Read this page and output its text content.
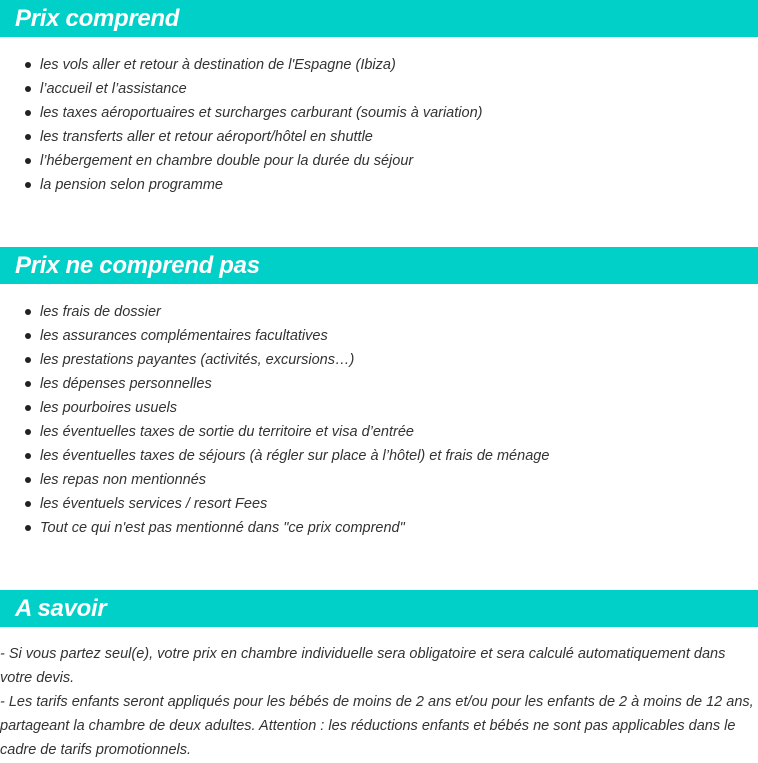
Prix comprend
les vols aller et retour à destination de l'Espagne (Ibiza)
l’accueil et l’assistance
les taxes aéroportuaires et surcharges carburant (soumis à variation)
les transferts aller et retour aéroport/hôtel en shuttle
l’hébergement en chambre double pour la durée du séjour
la pension selon programme
Prix ne comprend pas
les frais de dossier
les assurances complémentaires facultatives
les prestations payantes (activités, excursions…)
les dépenses personnelles
les pourboires usuels
les éventuelles taxes de sortie du territoire et visa d’entrée
les éventuelles taxes de séjours (à régler sur place à l’hôtel) et frais de ménage
les repas non mentionnés
les éventuels services / resort Fees
Tout ce qui n'est pas mentionné dans "ce prix comprend"
A savoir

- Si vous partez seul(e), votre prix en chambre individuelle sera obligatoire et sera calculé automatiquement dans votre devis.

- Les tarifs enfants seront appliqués pour les bébés de moins de 2 ans et/ou pour les enfants de 2 à moins de 12 ans, partageant la chambre de deux adultes. Attention : les réductions enfants et bébés ne sont pas applicables dans le cadre de tarifs promotionnels.
